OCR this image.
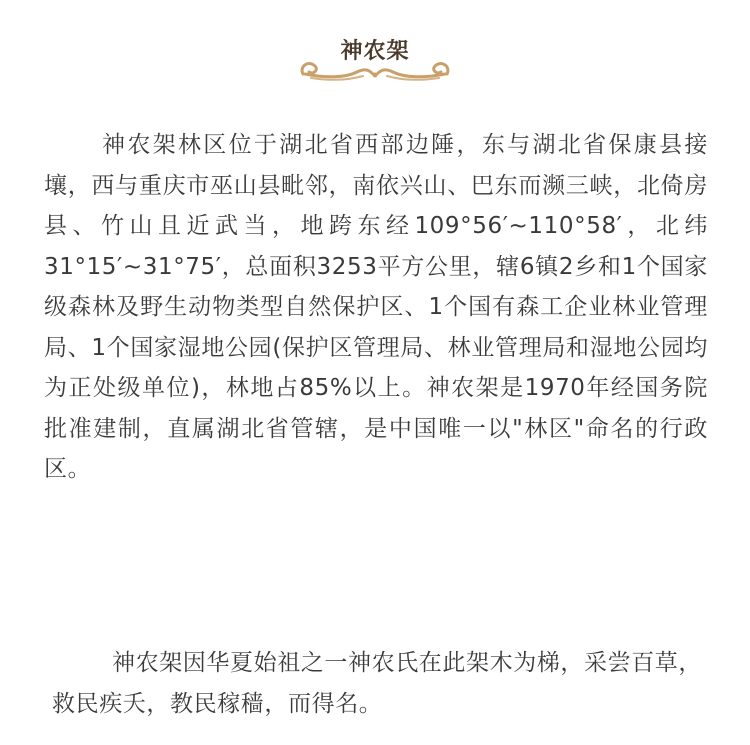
神农架

神农架林区位于湖北省西部边陲，东与湖北省保康县接壤，西与重庆市巫山县毗邻，南依兴山、巴东而濒三峡，北倚房县、竹山且近武当，地跨东经109°56′~110°58′，北纬31°15′~31°75′，总面积3253平方公里，辖6镇2乡和1个国家级森林及野生动物类型自然保护区、1个国有森工企业林业管理局、1个国家湿地公园(保护区管理局、林业管理局和湿地公园均为正处级单位)，林地占85%以上。神农架是1970年经国务院批准建制，直属湖北省管辖，是中国唯一以"林区"命名的行政区。

神农架因华夏始祖之一神农氏在此架木为梯，采尝百草，救民疾夭，教民稼穑，而得名。
